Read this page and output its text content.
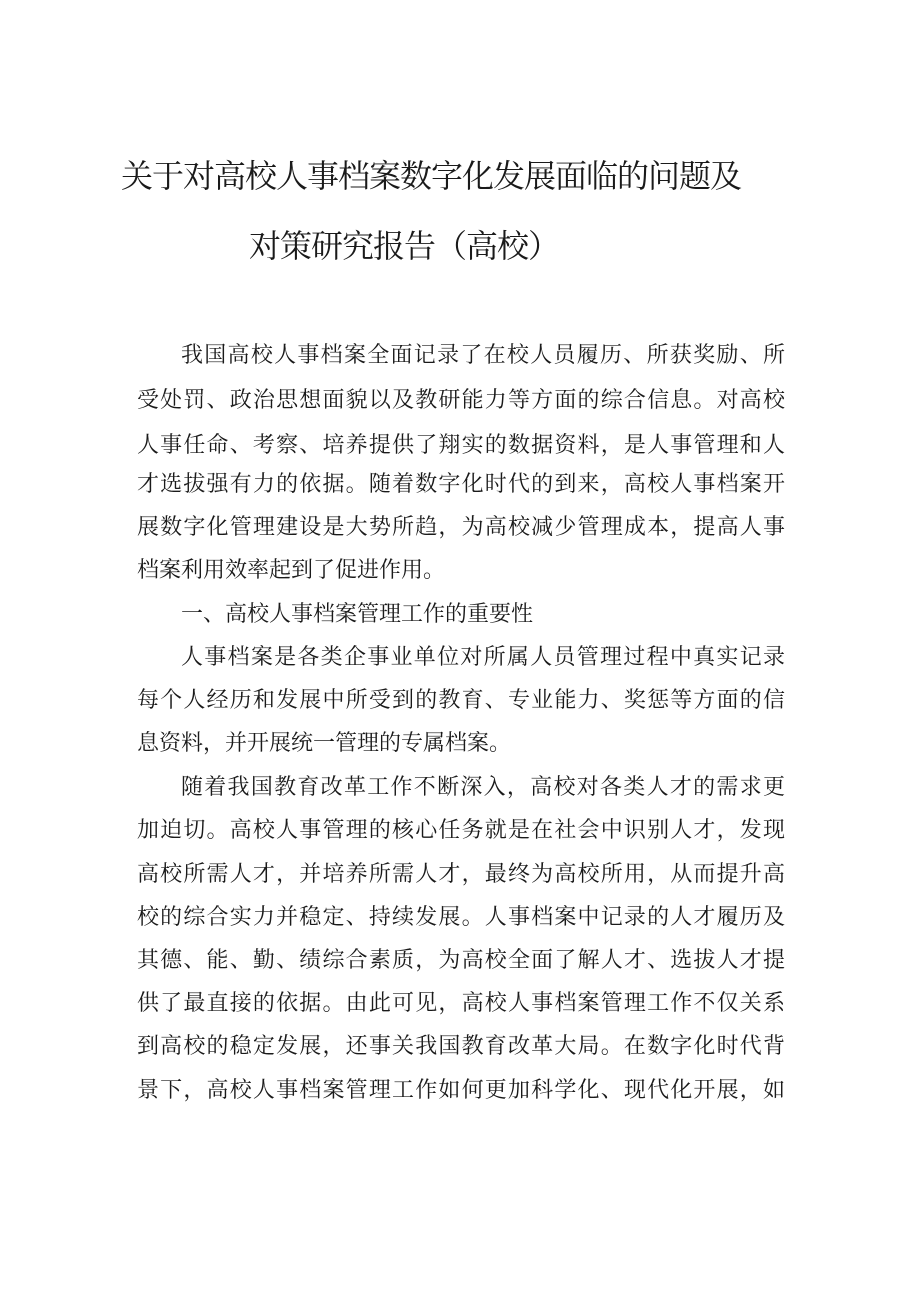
关于对高校人事档案数字化发展面临的问题及
对策研究报告（高校）

我国高校人事档案全面记录了在校人员履历、所获奖励、所

受处罚、政治思想面貌以及教研能力等方面的综合信息。对高校

人事任命、考察、培养提供了翔实的数据资料，是人事管理和人

才选拔强有力的依据。随着数字化时代的到来，高校人事档案开

展数字化管理建设是大势所趋，为高校减少管理成本，提高人事

档案利用效率起到了促进作用。

一、高校人事档案管理工作的重要性

人事档案是各类企事业单位对所属人员管理过程中真实记录

每个人经历和发展中所受到的教育、专业能力、奖惩等方面的信

息资料，并开展统一管理的专属档案。

随着我国教育改革工作不断深入，高校对各类人才的需求更

加迫切。高校人事管理的核心任务就是在社会中识别人才，发现

高校所需人才，并培养所需人才，最终为高校所用，从而提升高

校的综合实力并稳定、持续发展。人事档案中记录的人才履历及

其德、能、勤、绩综合素质，为高校全面了解人才、选拔人才提

供了最直接的依据。由此可见，高校人事档案管理工作不仅关系

到高校的稳定发展，还事关我国教育改革大局。在数字化时代背

景下，高校人事档案管理工作如何更加科学化、现代化开展，如
